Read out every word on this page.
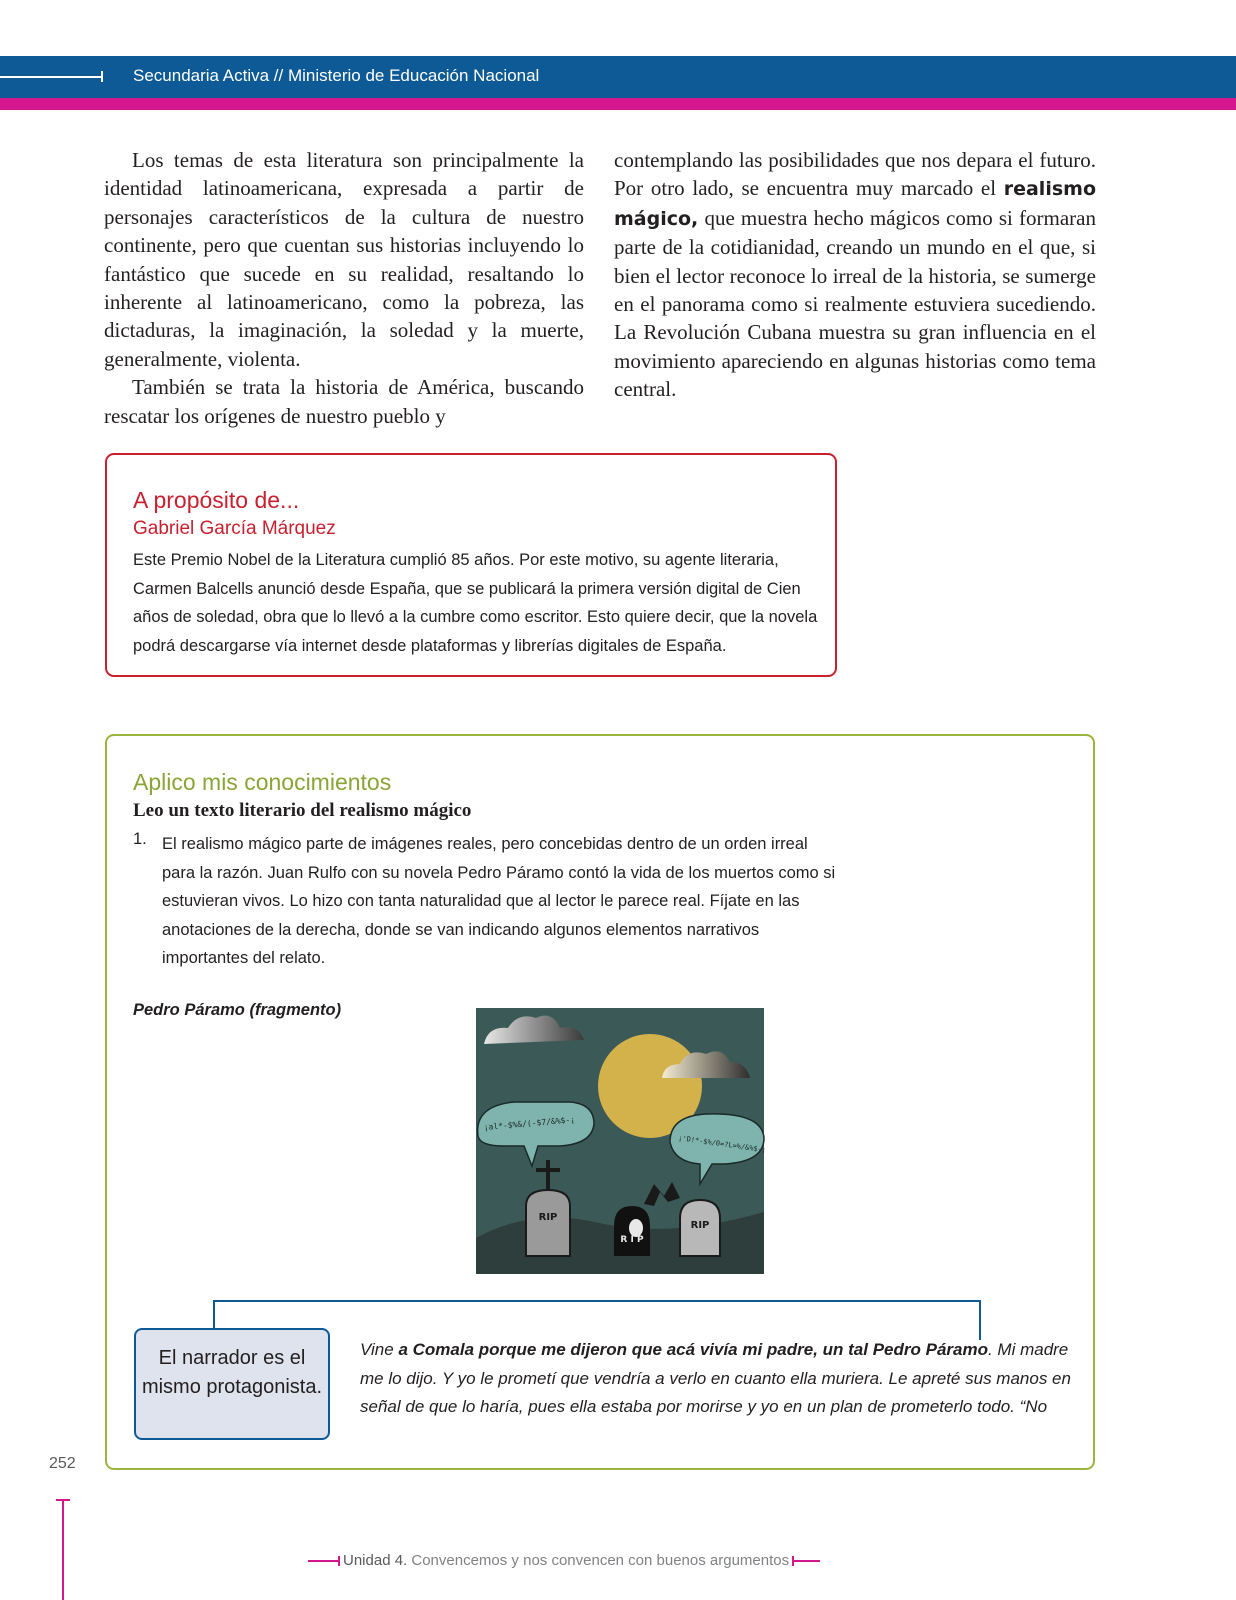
Secundaria Activa // Ministerio de Educación Nacional

Los temas de esta literatura son principalmente la identidad latinoamericana, expresada a partir de personajes característicos de la cultura de nuestro continente, pero que cuentan sus historias incluyendo lo fantástico que sucede en su realidad, resaltando lo inherente al latinoamericano, como la pobreza, las dictaduras, la imaginación, la soledad y la muerte, generalmente, violenta.

También se trata la historia de América, buscando rescatar los orígenes de nuestro pueblo y

contemplando las posibilidades que nos depara el futuro. Por otro lado, se encuentra muy marcado el realismo mágico, que muestra hecho mágicos como si formaran parte de la cotidianidad, creando un mundo en el que, si bien el lector reconoce lo irreal de la historia, se sumerge en el panorama como si realmente estuviera sucediendo. La Revolución Cubana muestra su gran influencia en el movimiento apareciendo en algunas historias como tema central.

A propósito de...
Gabriel García Márquez
Este Premio Nobel de la Literatura cumplió 85 años. Por este motivo, su agente literaria, Carmen Balcells anunció desde España, que se publicará la primera versión digital de Cien años de soledad, obra que lo llevó a la cumbre como escritor. Esto quiere decir, que la novela podrá descargarse vía internet desde plataformas y librerías digitales de España.
Aplico mis conocimientos
Leo un texto literario del realismo mágico
1. El realismo mágico parte de imágenes reales, pero concebidas dentro de un orden irreal para la razón. Juan Rulfo con su novela Pedro Páramo contó la vida de los muertos como si estuvieran vivos. Lo hizo con tanta naturalidad que al lector le parece real. Fíjate en las anotaciones de la derecha, donde se van indicando algunos elementos narrativos importantes del relato.
Pedro Páramo (fragmento)
¡al*-$%&/(-$7/&%$-¡
¡'D!*-$%/0=?L=%/&%$-¡
RIP
R I P
RIP
El narrador es el mismo protagonista.
Vine a Comala porque me dijeron que acá vivía mi padre, un tal Pedro Páramo. Mi madre me lo dijo. Y yo le prometí que vendría a verlo en cuanto ella muriera. Le apreté sus manos en señal de que lo haría, pues ella estaba por morirse y yo en un plan de prometerlo todo. “No
252
Unidad 4. Convencemos y nos convencen con buenos argumentos
